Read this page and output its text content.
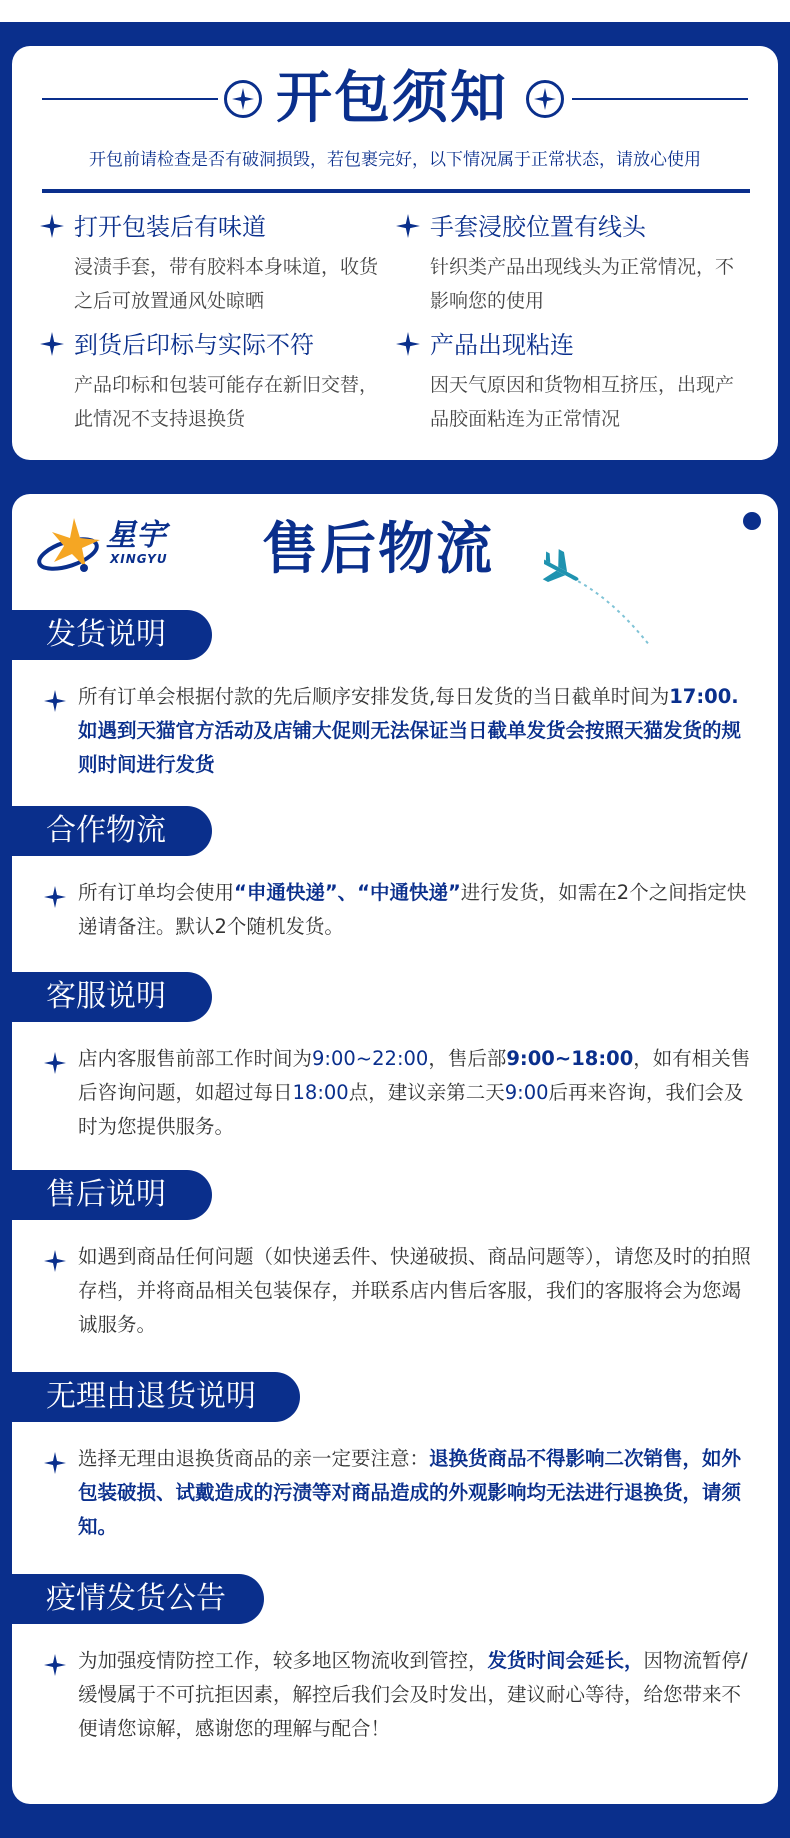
开包须知
开包前请检查是否有破洞损毁，若包裹完好，以下情况属于正常状态，请放心使用
打开包装后有味道
浸渍手套，带有胶料本身味道，收货之后可放置通风处晾晒
手套浸胶位置有线头
针织类产品出现线头为正常情况，不影响您的使用
到货后印标与实际不符
产品印标和包装可能存在新旧交替，此情况不支持退换货
产品出现粘连
因天气原因和货物相互挤压，出现产品胶面粘连为正常情况
星宇
XINGYU 售后物流
发货说明
所有订单会根据付款的先后顺序安排发货,每日发货的当日截单时间为17:00.如遇到天猫官方活动及店铺大促则无法保证当日截单发货会按照天猫发货的规则时间进行发货
合作物流
所有订单均会使用“申通快递”、“中通快递”进行发货，如需在2个之间指定快递请备注。默认2个随机发货。
客服说明
店内客服售前部工作时间为9:00~22:00，售后部9:00~18:00，如有相关售后咨询问题，如超过每日18:00点，建议亲第二天9:00后再来咨询，我们会及时为您提供服务。
售后说明
如遇到商品任何问题（如快递丢件、快递破损、商品问题等），请您及时的拍照存档，并将商品相关包装保存，并联系店内售后客服，我们的客服将会为您竭诚服务。
无理由退货说明
选择无理由退换货商品的亲一定要注意：退换货商品不得影响二次销售，如外包装破损、试戴造成的污渍等对商品造成的外观影响均无法进行退换货，请须知。
疫情发货公告
为加强疫情防控工作，较多地区物流收到管控，发货时间会延长，因物流暂停/缓慢属于不可抗拒因素，解控后我们会及时发出，建议耐心等待，给您带来不便请您谅解，感谢您的理解与配合！
